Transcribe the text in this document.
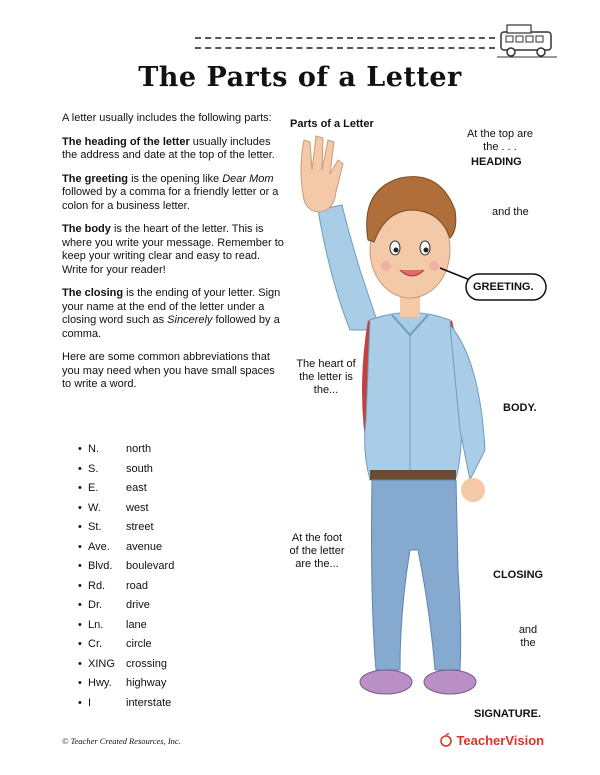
The Parts of a Letter

A letter usually includes the following parts:

The heading of the letter usually includes the address and date at the top of the letter.

The greeting is the opening like Dear Mom followed by a comma for a friendly letter or a colon for a business letter.

The body is the heart of the letter. This is where you write your message. Remember to keep your writing clear and easy to read. Write for your reader!

The closing is the ending of your letter. Sign your name at the end of the letter under a closing word such as Sincerely followed by a comma.

Here are some common abbreviations that you may need when you have small spaces to write a word.

• N. north
• S.	south
• E.	east
• W. west
• St. street
• Ave. avenue
• Blvd. boulevard
• Rd. road
• Dr. drive
• Ln. lane
• Cr. circle
• XING crossing
• Hwy. highway
• I	interstate
Parts of a Letter
At the top are the . . .
HEADING
and the
GREETING.
The heart of the letter is the...
BODY.
At the foot of the letter are the...
CLOSING
and the
SIGNATURE.
© Teacher Created Resources, Inc.	TeacherVision
